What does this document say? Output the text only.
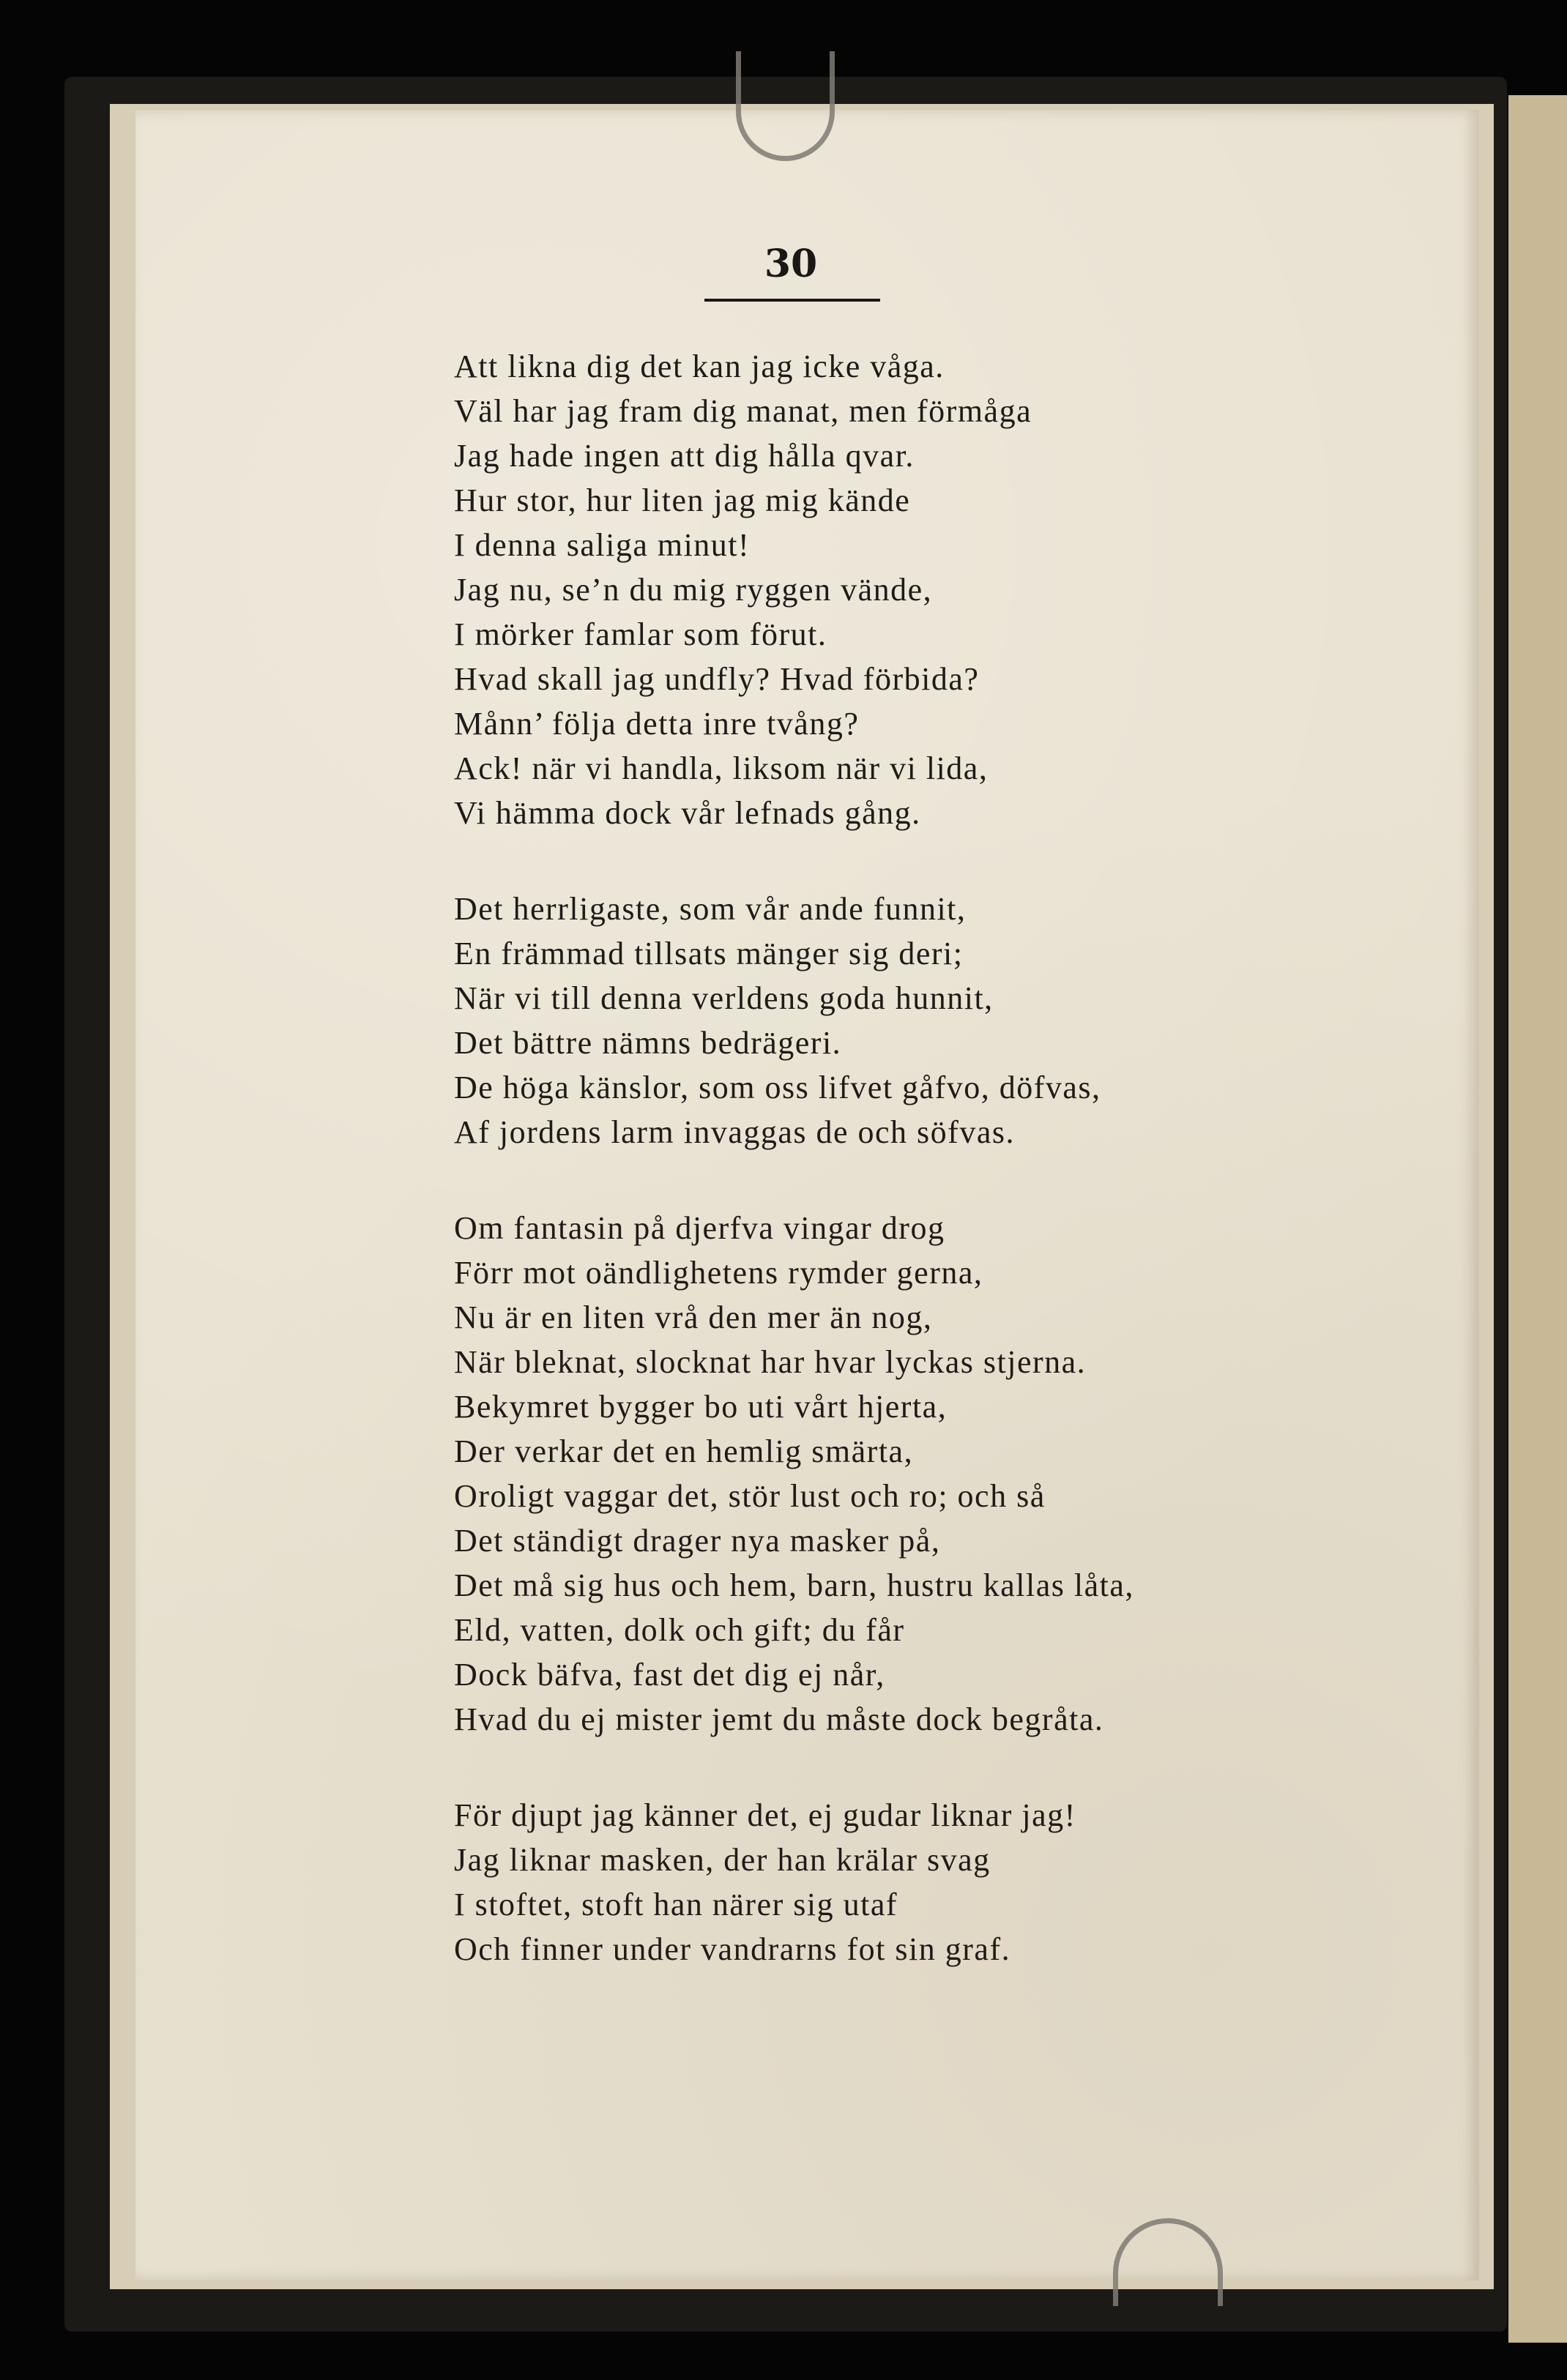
30
Att likna dig det kan jag icke våga.
Väl har jag fram dig manat, men förmåga
Jag hade ingen att dig hålla qvar.
Hur stor, hur liten jag mig kände
I denna saliga minut!
Jag nu, se’n du mig ryggen vände,
I mörker famlar som förut.
Hvad skall jag undfly? Hvad förbida?
Månn’ följa detta inre tvång?
Ack! när vi handla, liksom när vi lida,
Vi hämma dock vår lefnads gång.
Det herrligaste, som vår ande funnit,
En främmad tillsats mänger sig deri;
När vi till denna verldens goda hunnit,
Det bättre nämns bedrägeri.
De höga känslor, som oss lifvet gåfvo, döfvas,
Af jordens larm invaggas de och söfvas.
Om fantasin på djerfva vingar drog
Förr mot oändlighetens rymder gerna,
Nu är en liten vrå den mer än nog,
När bleknat, slocknat har hvar lyckas stjerna.
Bekymret bygger bo uti vårt hjerta,
Der verkar det en hemlig smärta,
Oroligt vaggar det, stör lust och ro; och så
Det ständigt drager nya masker på,
Det må sig hus och hem, barn, hustru kallas låta,
Eld, vatten, dolk och gift; du får
Dock bäfva, fast det dig ej når,
Hvad du ej mister jemt du måste dock begråta.
För djupt jag känner det, ej gudar liknar jag!
Jag liknar masken, der han krälar svag
I stoftet, stoft han närer sig utaf
Och finner under vandrarns fot sin graf.
